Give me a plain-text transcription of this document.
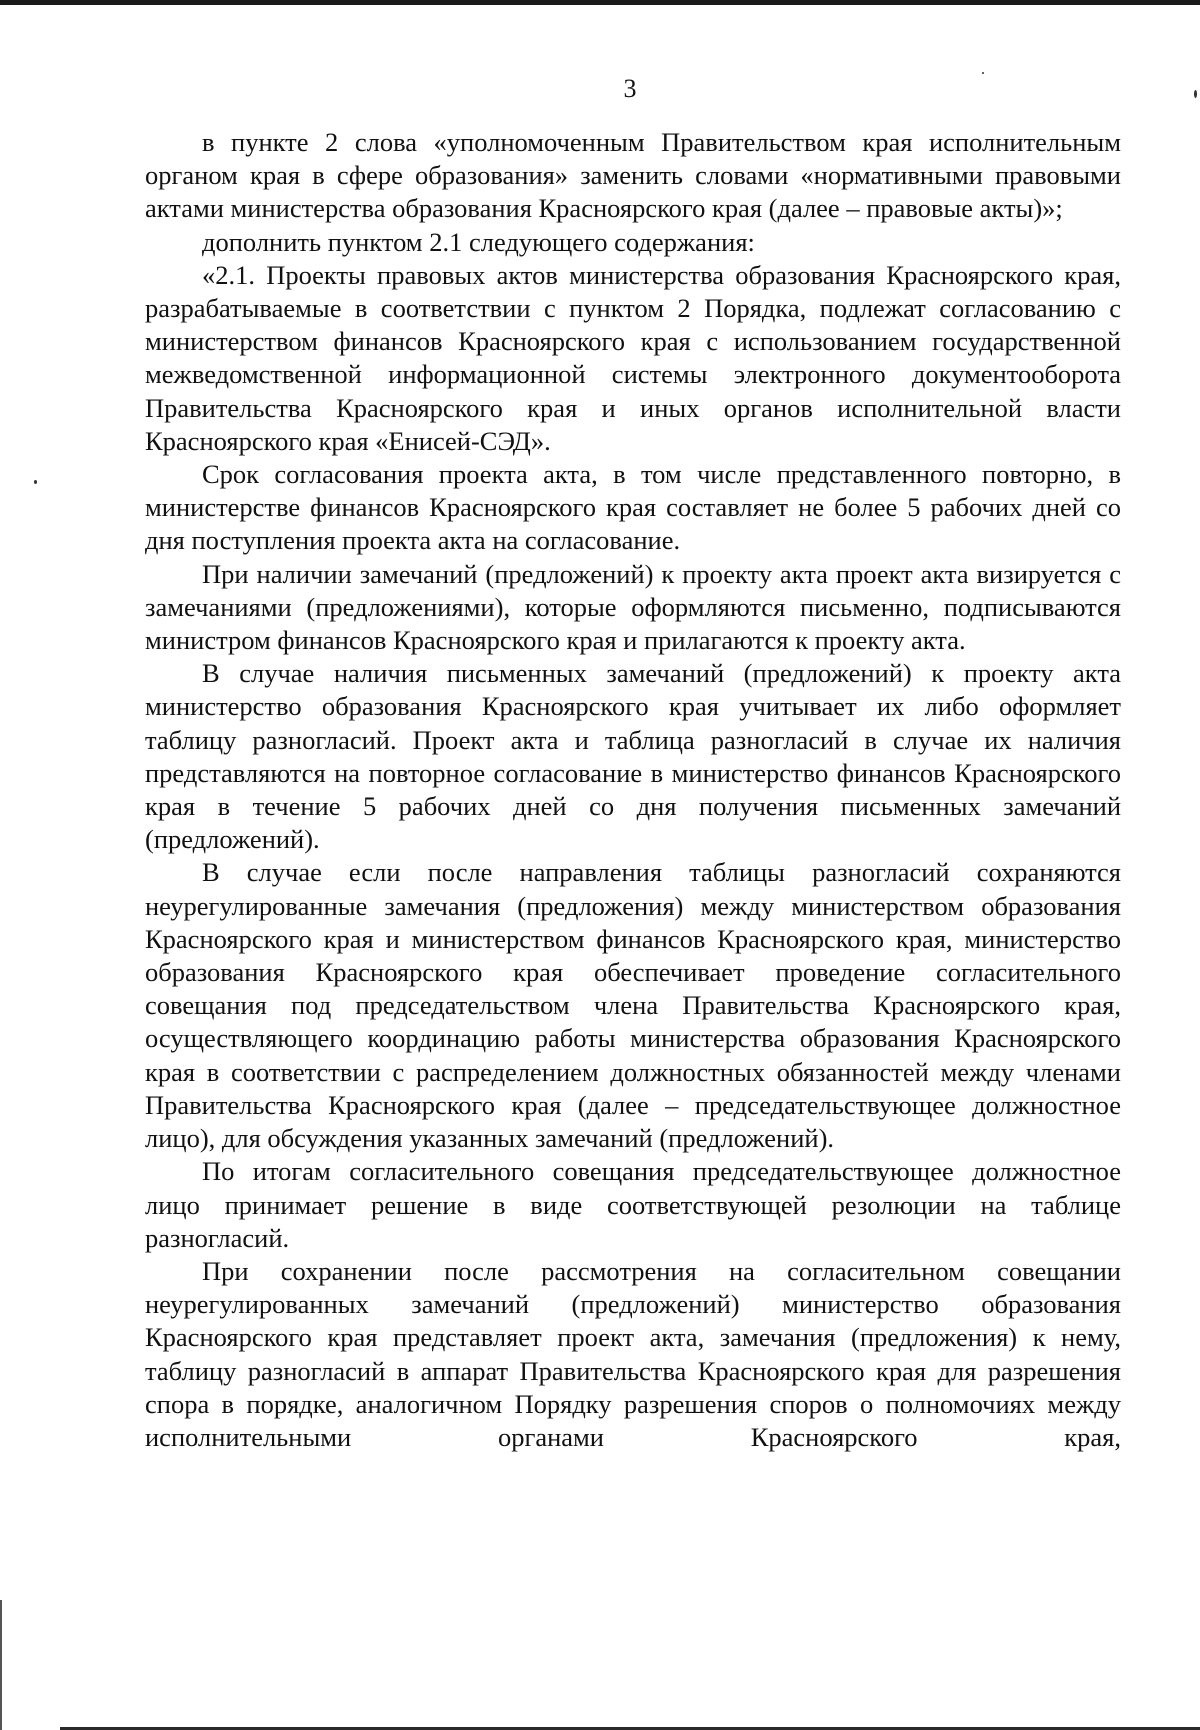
3

в пункте 2 слова «уполномоченным Правительством края исполнительным органом края в сфере образования» заменить словами «нормативными правовыми актами министерства образования Красноярского края (далее – правовые акты)»;

дополнить пунктом 2.1 следующего содержания:

«2.1. Проекты правовых актов министерства образования Красноярского края, разрабатываемые в соответствии с пунктом 2 Порядка, подлежат согласованию с министерством финансов Красноярского края с использованием государственной межведомственной информационной системы электронного документооборота Правительства Красноярского края и иных органов исполнительной власти Красноярского края «Енисей-СЭД».

Срок согласования проекта акта, в том числе представленного повторно, в министерстве финансов Красноярского края составляет не более 5 рабочих дней со дня поступления проекта акта на согласование.

При наличии замечаний (предложений) к проекту акта проект акта визируется с замечаниями (предложениями), которые оформляются письменно, подписываются министром финансов Красноярского края и прилагаются к проекту акта.

В случае наличия письменных замечаний (предложений) к проекту акта министерство образования Красноярского края учитывает их либо оформляет таблицу разногласий. Проект акта и таблица разногласий в случае их наличия представляются на повторное согласование в министерство финансов Красноярского края в течение 5 рабочих дней со дня получения письменных замечаний (предложений).

В случае если после направления таблицы разногласий сохраняются неурегулированные замечания (предложения) между министерством образования Красноярского края и министерством финансов Красноярского края, министерство образования Красноярского края обеспечивает проведение согласительного совещания под председательством члена Правительства Красноярского края, осуществляющего координацию работы министерства образования Красноярского края в соответствии с распределением должностных обязанностей между членами Правительства Красноярского края (далее – председательствующее должностное лицо), для обсуждения указанных замечаний (предложений).

По итогам согласительного совещания председательствующее должностное лицо принимает решение в виде соответствующей резолюции на таблице разногласий.

При сохранении после рассмотрения на согласительном совещании неурегулированных замечаний (предложений) министерство образования Красноярского края представляет проект акта, замечания (предложения) к нему, таблицу разногласий в аппарат Правительства Красноярского края для разрешения спора в порядке, аналогичном Порядку разрешения споров о полномочиях между исполнительными органами Красноярского края,
